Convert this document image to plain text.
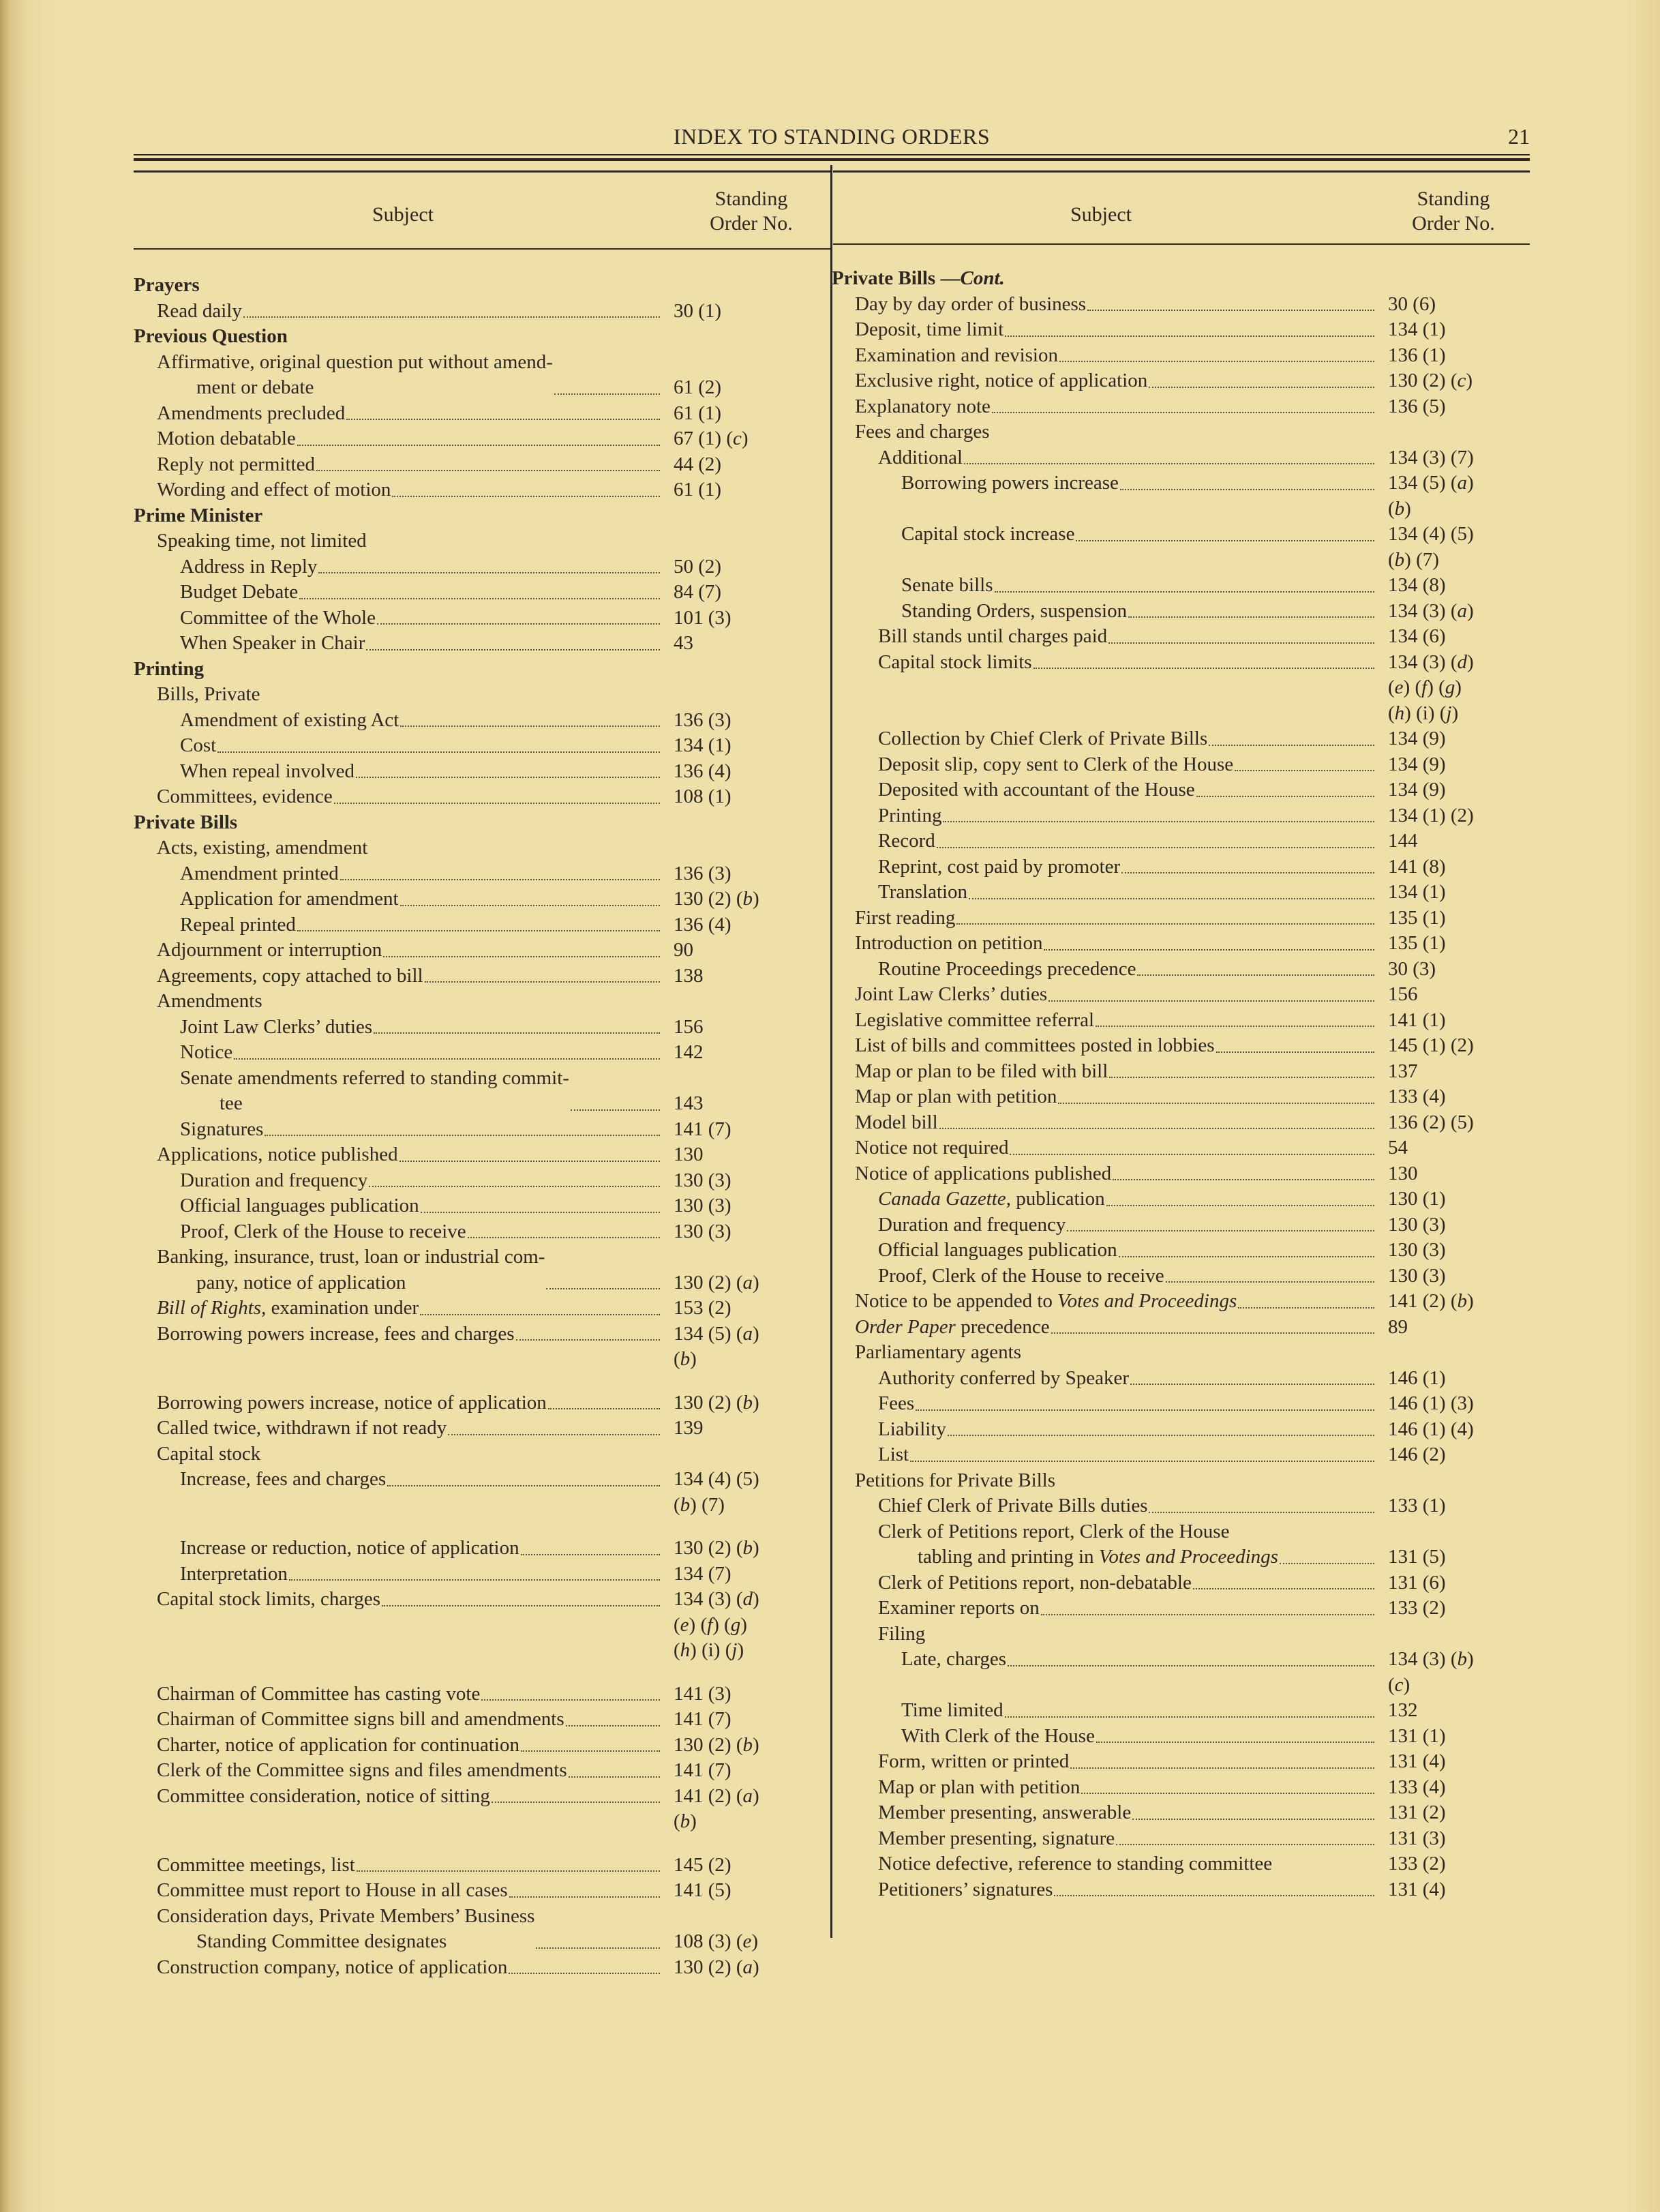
INDEX TO STANDING ORDERS	21
Subject
Standing
Order No.
Prayers
Read daily	30 (1)
Previous Question
Affirmative, original question put without amend-
ment or debate	61 (2)
Amendments precluded	61 (1)
Motion debatable	67 (1) (c)
Reply not permitted	44 (2)
Wording and effect of motion	61 (1)
Prime Minister
Speaking time, not limited
Address in Reply	50 (2)
Budget Debate	84 (7)
Committee of the Whole	101 (3)
When Speaker in Chair	43
Printing
Bills, Private
Amendment of existing Act	136 (3)
Cost	134 (1)
When repeal involved	136 (4)
Committees, evidence	108 (1)
Private Bills
Acts, existing, amendment
Amendment printed	136 (3)
Application for amendment	130 (2) (b)
Repeal printed	136 (4)
Adjournment or interruption	90
Agreements, copy attached to bill	138
Amendments
Joint Law Clerks’ duties	156
Notice	142
Senate amendments referred to standing commit-
tee	143
Signatures	141 (7)
Applications, notice published	130
Duration and frequency	130 (3)
Official languages publication	130 (3)
Proof, Clerk of the House to receive	130 (3)
Banking, insurance, trust, loan or industrial com-
pany, notice of application	130 (2) (a)
Bill of Rights, examination under	153 (2)
Borrowing powers increase, fees and charges	134 (5) (a)
(b)
Borrowing powers increase, notice of application	130 (2) (b)
Called twice, withdrawn if not ready	139
Capital stock
Increase, fees and charges	134 (4) (5)
(b) (7)
Increase or reduction, notice of application	130 (2) (b)
Interpretation	134 (7)
Capital stock limits, charges	134 (3) (d)
(e) (f) (g)
(h) (i) (j)
Chairman of Committee has casting vote	141 (3)
Chairman of Committee signs bill and amendments	141 (7)
Charter, notice of application for continuation	130 (2) (b)
Clerk of the Committee signs and files amendments	141 (7)
Committee consideration, notice of sitting	141 (2) (a)
(b)
Committee meetings, list	145 (2)
Committee must report to House in all cases	141 (5)
Consideration days, Private Members’ Business
Standing Committee designates	108 (3) (e)
Construction company, notice of application	130 (2) (a)
Subject
Standing
Order No.
Private Bills —Cont.
Day by day order of business	30 (6)
Deposit, time limit	134 (1)
Examination and revision	136 (1)
Exclusive right, notice of application	130 (2) (c)
Explanatory note	136 (5)
Fees and charges
Additional	134 (3) (7)
Borrowing powers increase	134 (5) (a)
(b)
Capital stock increase	134 (4) (5)
(b) (7)
Senate bills	134 (8)
Standing Orders, suspension	134 (3) (a)
Bill stands until charges paid	134 (6)
Capital stock limits	134 (3) (d)
(e) (f) (g)
(h) (i) (j)
Collection by Chief Clerk of Private Bills	134 (9)
Deposit slip, copy sent to Clerk of the House	134 (9)
Deposited with accountant of the House	134 (9)
Printing	134 (1) (2)
Record	144
Reprint, cost paid by promoter	141 (8)
Translation	134 (1)
First reading	135 (1)
Introduction on petition	135 (1)
Routine Proceedings precedence	30 (3)
Joint Law Clerks’ duties	156
Legislative committee referral	141 (1)
List of bills and committees posted in lobbies	145 (1) (2)
Map or plan to be filed with bill	137
Map or plan with petition	133 (4)
Model bill	136 (2) (5)
Notice not required	54
Notice of applications published	130
Canada Gazette, publication	130 (1)
Duration and frequency	130 (3)
Official languages publication	130 (3)
Proof, Clerk of the House to receive	130 (3)
Notice to be appended to Votes and Proceedings	141 (2) (b)
Order Paper precedence	89
Parliamentary agents
Authority conferred by Speaker	146 (1)
Fees	146 (1) (3)
Liability	146 (1) (4)
List	146 (2)
Petitions for Private Bills
Chief Clerk of Private Bills duties	133 (1)
Clerk of Petitions report, Clerk of the House
tabling and printing in Votes and Proceedings	131 (5)
Clerk of Petitions report, non-debatable	131 (6)
Examiner reports on	133 (2)
Filing
Late, charges	134 (3) (b)
(c)
Time limited	132
With Clerk of the House	131 (1)
Form, written or printed	131 (4)
Map or plan with petition	133 (4)
Member presenting, answerable	131 (2)
Member presenting, signature	131 (3)
Notice defective, reference to standing committee	133 (2)
Petitioners’ signatures	131 (4)
